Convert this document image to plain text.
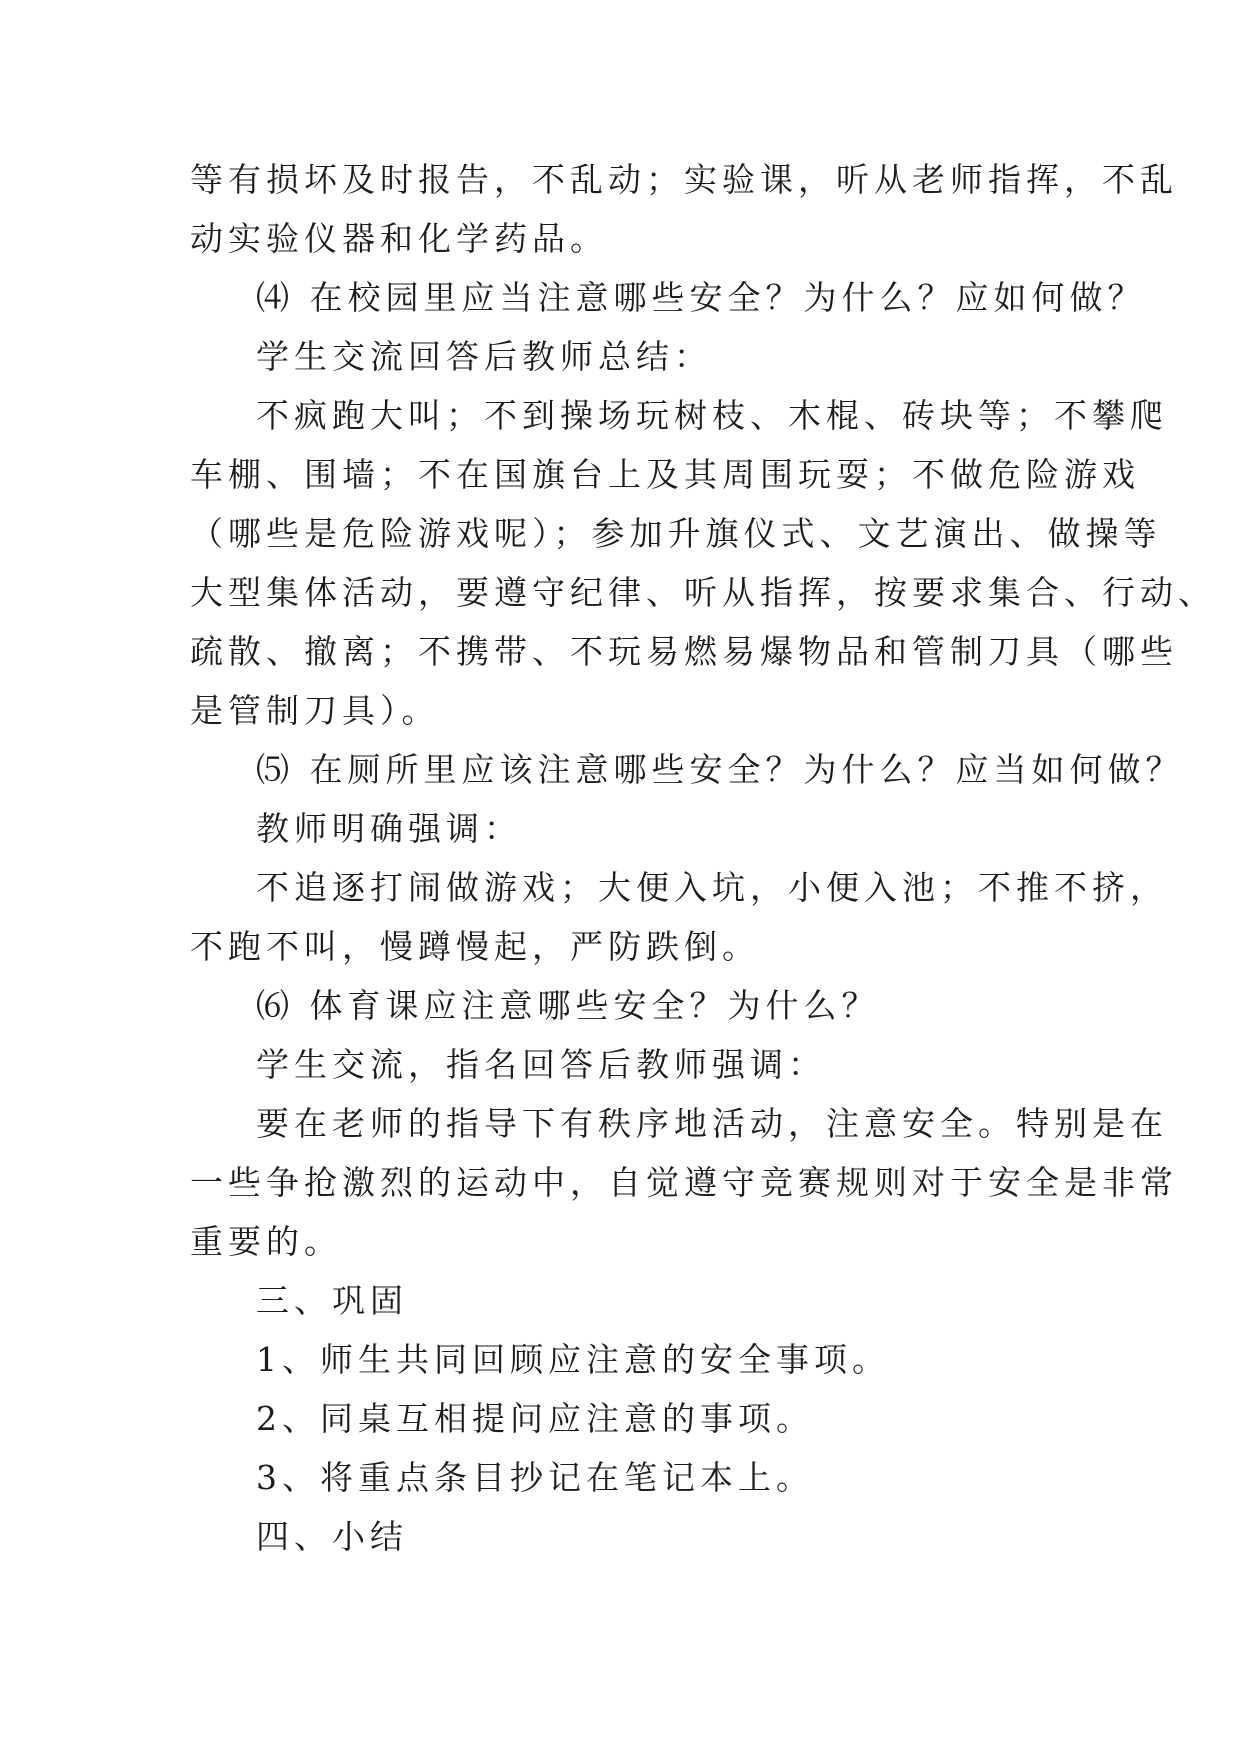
等有损坏及时报告，不乱动；实验课，听从老师指挥，不乱
动实验仪器和化学药品。
⑷ 在校园里应当注意哪些安全？为什么？应如何做？
学生交流回答后教师总结：
不疯跑大叫；不到操场玩树枝、木棍、砖块等；不攀爬
车棚、围墙；不在国旗台上及其周围玩耍；不做危险游戏
（哪些是危险游戏呢）；参加升旗仪式、文艺演出、做操等
大型集体活动，要遵守纪律、听从指挥，按要求集合、行动、
疏散、撤离；不携带、不玩易燃易爆物品和管制刀具（哪些
是管制刀具）。
⑸ 在厕所里应该注意哪些安全？为什么？应当如何做？
教师明确强调：
不追逐打闹做游戏；大便入坑，小便入池；不推不挤，
不跑不叫，慢蹲慢起，严防跌倒。
⑹ 体育课应注意哪些安全？为什么？
学生交流，指名回答后教师强调：
要在老师的指导下有秩序地活动，注意安全。特别是在
一些争抢激烈的运动中，自觉遵守竞赛规则对于安全是非常
重要的。
三、巩固
1、师生共同回顾应注意的安全事项。
2、同桌互相提问应注意的事项。
3、将重点条目抄记在笔记本上。
四、小结
